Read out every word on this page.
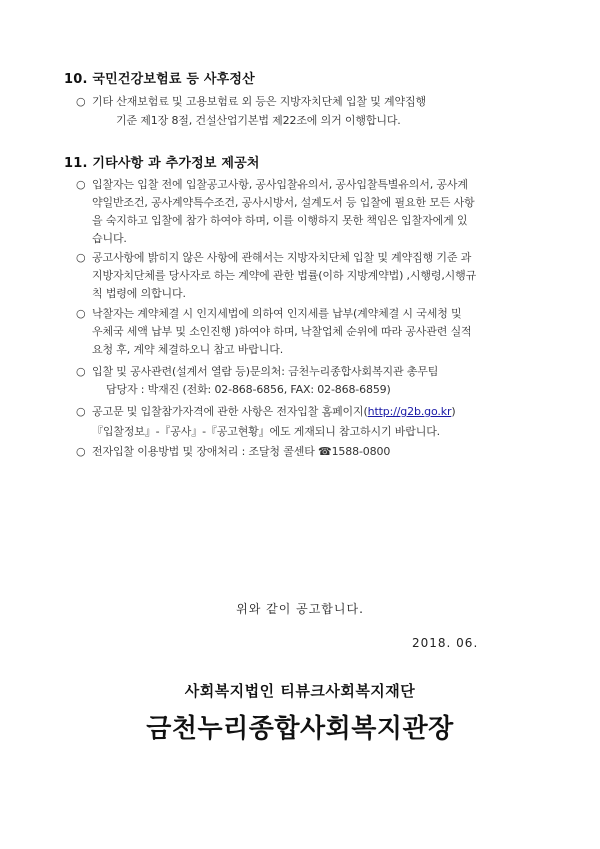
10. 국민건강보험료 등 사후정산
○ 기타 산재보험료 및 고용보험료 외 등은 지방자치단체 입찰 및 계약집행
기준 제1장 8절, 건설산업기본법 제22조에 의거 이행합니다.
11. 기타사항 과 추가정보 제공처
○ 입찰자는 입찰 전에 입찰공고사항, 공사입찰유의서, 공사입찰특별유의서, 공사계
약일반조건, 공사계약특수조건, 공사시방서, 설계도서 등 입찰에 필요한 모든 사항
을 숙지하고 입찰에 참가 하여야 하며, 이를 이행하지 못한 책임은 입찰자에게 있
습니다.
○ 공고사항에 밝히지 않은 사항에 관해서는 지방자치단체 입찰 및 계약집행 기준 과
지방자치단체를 당사자로 하는 계약에 관한 법률(이하 지방계약법) ,시행령,시행규
칙 법령에 의합니다.
○ 낙찰자는 계약체결 시 인지세법에 의하여 인지세를 납부(계약체결 시 국세청 및
우체국 세액 납부 및 소인진행 )하여야 하며, 낙찰업체 순위에 따라 공사관련 실적
요청 후, 계약 체결하오니 참고 바랍니다.
○ 입찰 및 공사관련(설계서 열람 등)문의처: 금천누리종합사회복지관 총무팀
담당자 : 박재진 (전화: 02-868-6856, FAX: 02-868-6859)
○ 공고문 및 입찰참가자격에 관한 사항은 전자입찰 홈페이지(http://g2b.go.kr)
『입찰정보』-『공사』-『공고현황』에도 게재되니 참고하시기 바랍니다.
○ 전자입찰 이용방법 및 장애처리 : 조달청 콜센타 ☎1588-0800
위와 같이 공고합니다.
2018. 06.
사회복지법인 티뷰크사회복지재단
금천누리종합사회복지관장
